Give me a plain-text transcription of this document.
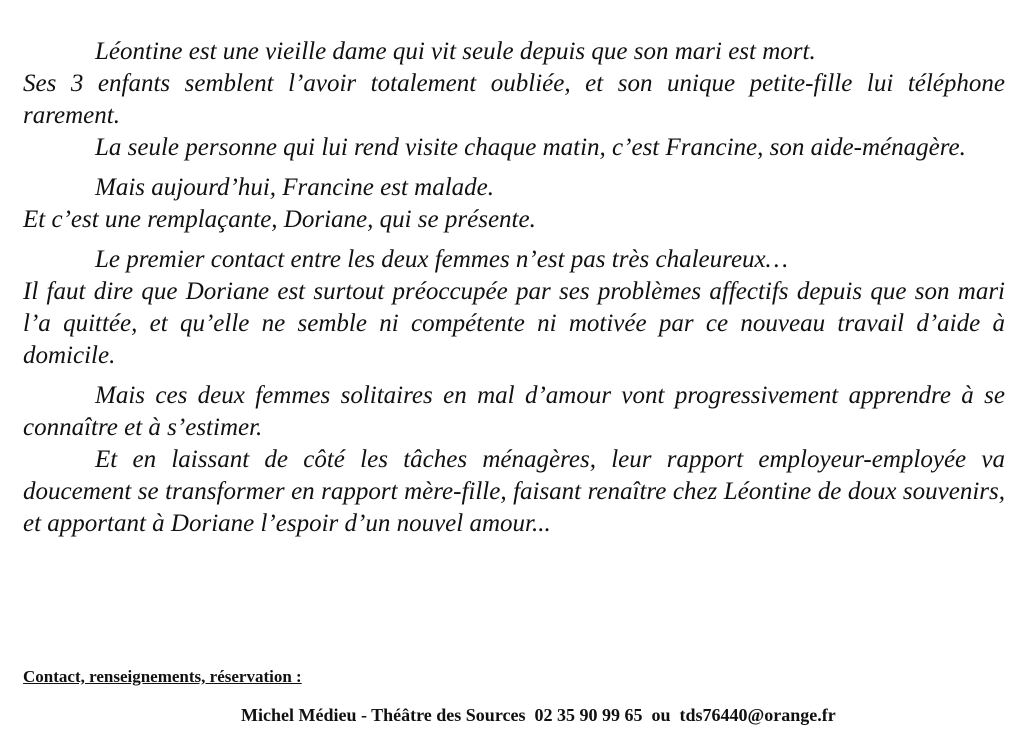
Léontine est une vieille dame qui vit seule depuis que son mari est mort.

Ses 3 enfants semblent l’avoir totalement oubliée, et son unique petite-fille lui téléphone rarement.

La seule personne qui lui rend visite chaque matin, c’est Francine, son aide-ménagère.

Mais aujourd’hui, Francine est malade.

Et c’est une remplaçante, Doriane, qui se présente.

Le premier contact entre les deux femmes n’est pas très chaleureux…

Il faut dire que Doriane est surtout préoccupée par ses problèmes affectifs depuis que son mari l’a quittée, et qu’elle ne semble ni compétente ni motivée par ce nouveau travail d’aide à domicile.

Mais ces deux femmes solitaires en mal d’amour vont progressivement apprendre à se connaître et à s’estimer.

Et en laissant de côté les tâches ménagères, leur rapport employeur-employée va doucement se transformer en rapport mère-fille, faisant renaître chez Léontine de doux souvenirs, et apportant à Doriane l’espoir d’un nouvel amour...

Contact, renseignements, réservation :
Michel Médieu - Théâtre des Sources  02 35 90 99 65  ou  tds76440@orange.fr
